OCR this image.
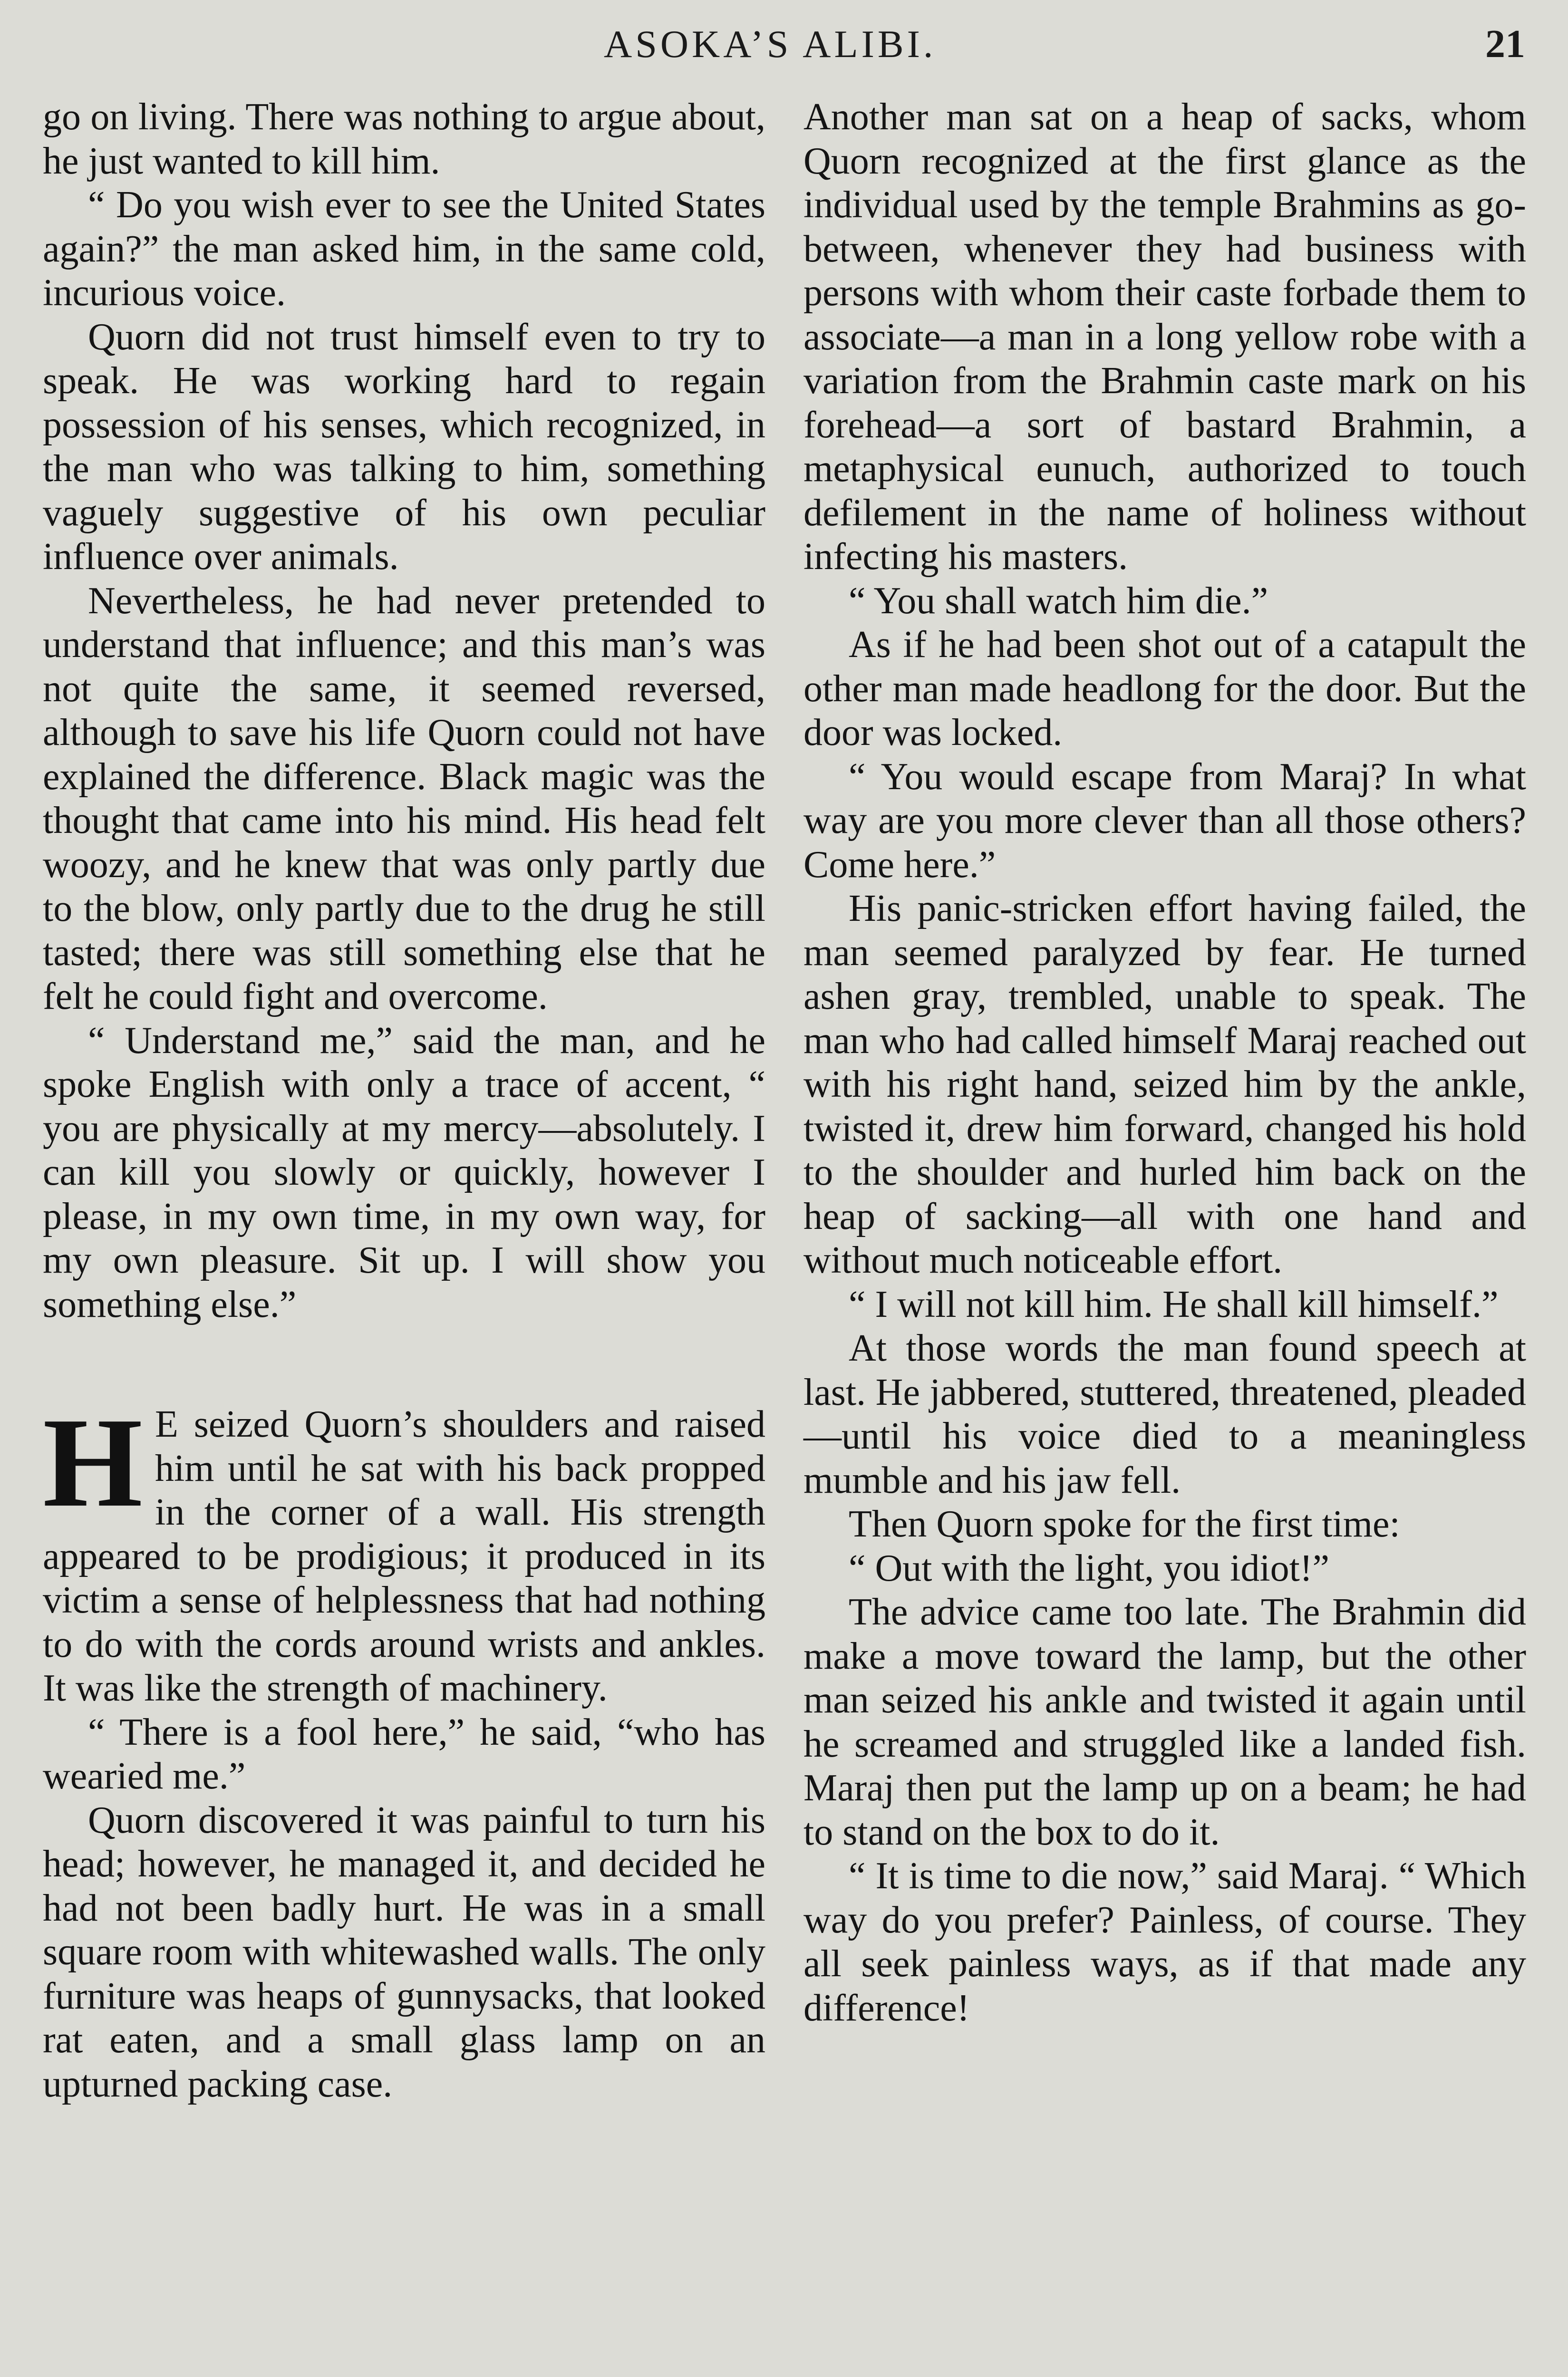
ASOKA’S ALIBI.	21

go on living. There was nothing to argue about, he just wanted to kill him.

“ Do you wish ever to see the United States again?” the man asked him, in the same cold, incurious voice.

Quorn did not trust himself even to try to speak. He was working hard to regain possession of his senses, which recognized, in the man who was talking to him, something vaguely suggestive of his own peculiar influence over animals.

Nevertheless, he had never pretended to understand that influence; and this man’s was not quite the same, it seemed reversed, although to save his life Quorn could not have explained the difference. Black magic was the thought that came into his mind. His head felt woozy, and he knew that was only partly due to the blow, only partly due to the drug he still tasted; there was still something else that he felt he could fight and overcome.

“ Understand me,” said the man, and he spoke English with only a trace of accent, “ you are physically at my mercy—absolutely. I can kill you slowly or quickly, however I please, in my own time, in my own way, for my own pleasure. Sit up. I will show you something else.”

H E seized Quorn’s shoulders and raised him until he sat with his back propped in the corner of a wall. His strength appeared to be prodigious; it produced in its victim a sense of helplessness that had nothing to do with the cords around wrists and ankles. It was like the strength of machinery.

“ There is a fool here,” he said, “who has wearied me.”

Quorn discovered it was painful to turn his head; however, he managed it, and decided he had not been badly hurt. He was in a small square room with whitewashed walls. The only furniture was heaps of gunnysacks, that looked rat eaten, and a small glass lamp on an upturned packing case.

Another man sat on a heap of sacks, whom Quorn recognized at the first glance as the individual used by the temple Brahmins as go-between, whenever they had business with persons with whom their caste forbade them to associate—a man in a long yellow robe with a variation from the Brahmin caste mark on his forehead—a sort of bastard Brahmin, a metaphysical eunuch, authorized to touch defilement in the name of holiness without infecting his masters.

“ You shall watch him die.”

As if he had been shot out of a catapult the other man made headlong for the door. But the door was locked.

“ You would escape from Maraj? In what way are you more clever than all those others? Come here.”

His panic-stricken effort having failed, the man seemed paralyzed by fear. He turned ashen gray, trembled, unable to speak. The man who had called himself Maraj reached out with his right hand, seized him by the ankle, twisted it, drew him forward, changed his hold to the shoulder and hurled him back on the heap of sacking—all with one hand and without much noticeable effort.

“ I will not kill him. He shall kill himself.”

At those words the man found speech at last. He jabbered, stuttered, threatened, pleaded—until his voice died to a meaningless mumble and his jaw fell.

Then Quorn spoke for the first time:

“ Out with the light, you idiot!”

The advice came too late. The Brahmin did make a move toward the lamp, but the other man seized his ankle and twisted it again until he screamed and struggled like a landed fish. Maraj then put the lamp up on a beam; he had to stand on the box to do it.

“ It is time to die now,” said Maraj. “ Which way do you prefer? Painless, of course. They all seek painless ways, as if that made any difference!
